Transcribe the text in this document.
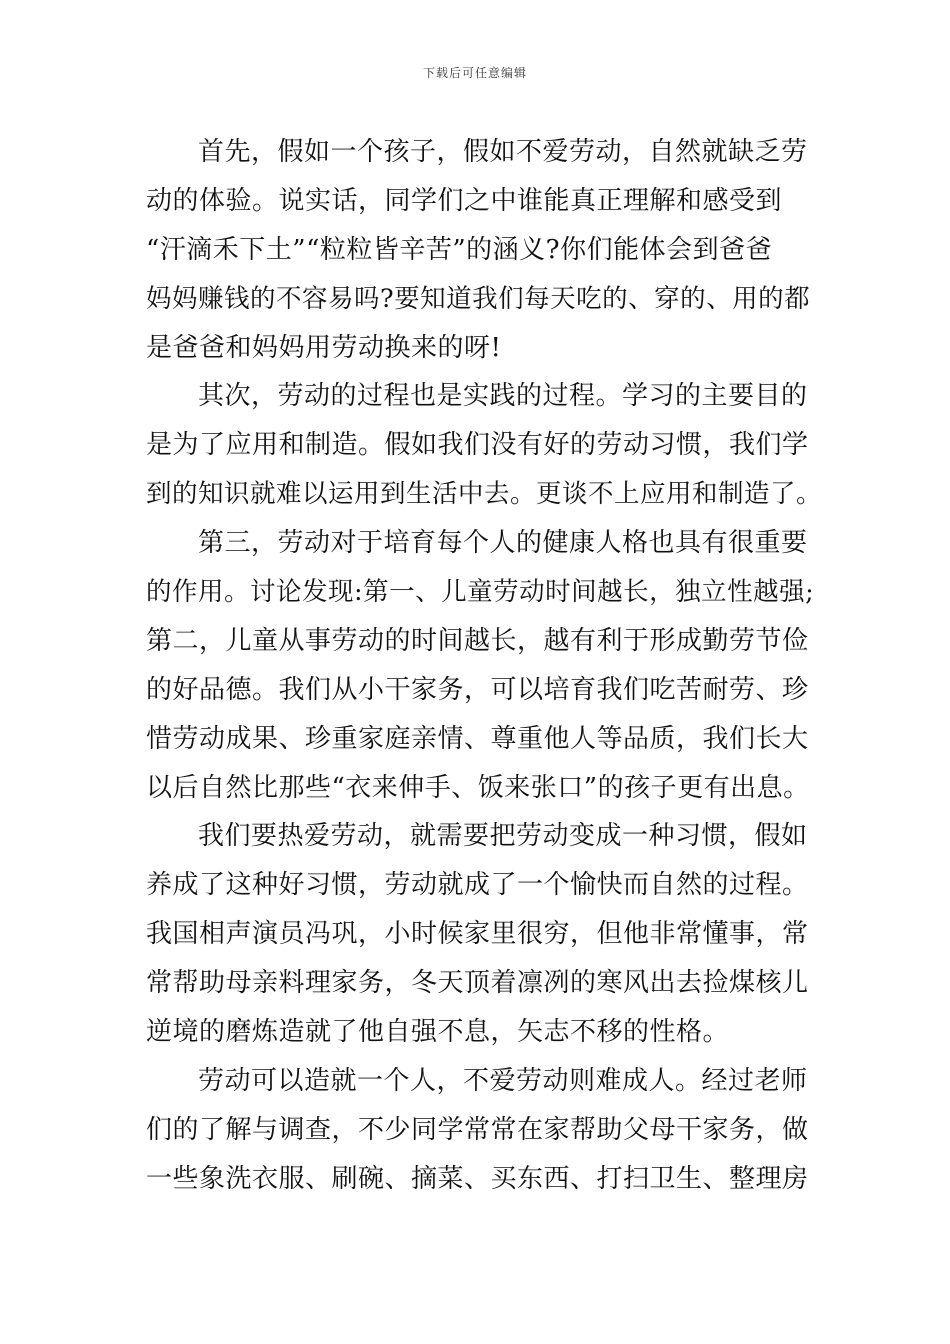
下载后可任意编辑
首先，假如一个孩子，假如不爱劳动，自然就缺乏劳
动的体验。说实话，同学们之中谁能真正理解和感受到
“汗滴禾下土”“粒粒皆辛苦”的涵义?你们能体会到爸爸
妈妈赚钱的不容易吗?要知道我们每天吃的、穿的、用的都
是爸爸和妈妈用劳动换来的呀!
其次，劳动的过程也是实践的过程。学习的主要目的
是为了应用和制造。假如我们没有好的劳动习惯，我们学
到的知识就难以运用到生活中去。更谈不上应用和制造了。
第三，劳动对于培育每个人的健康人格也具有很重要
的作用。讨论发现:第一、儿童劳动时间越长，独立性越强;
第二，儿童从事劳动的时间越长，越有利于形成勤劳节俭
的好品德。我们从小干家务，可以培育我们吃苦耐劳、珍
惜劳动成果、珍重家庭亲情、尊重他人等品质，我们长大
以后自然比那些“衣来伸手、饭来张口”的孩子更有出息。
我们要热爱劳动，就需要把劳动变成一种习惯，假如
养成了这种好习惯，劳动就成了一个愉快而自然的过程。
我国相声演员冯巩，小时候家里很穷，但他非常懂事，常
常帮助母亲料理家务，冬天顶着凛冽的寒风出去捡煤核儿
逆境的磨炼造就了他自强不息，矢志不移的性格。
劳动可以造就一个人，不爱劳动则难成人。经过老师
们的了解与调查，不少同学常常在家帮助父母干家务，做
一些象洗衣服、刷碗、摘菜、买东西、打扫卫生、整理房
